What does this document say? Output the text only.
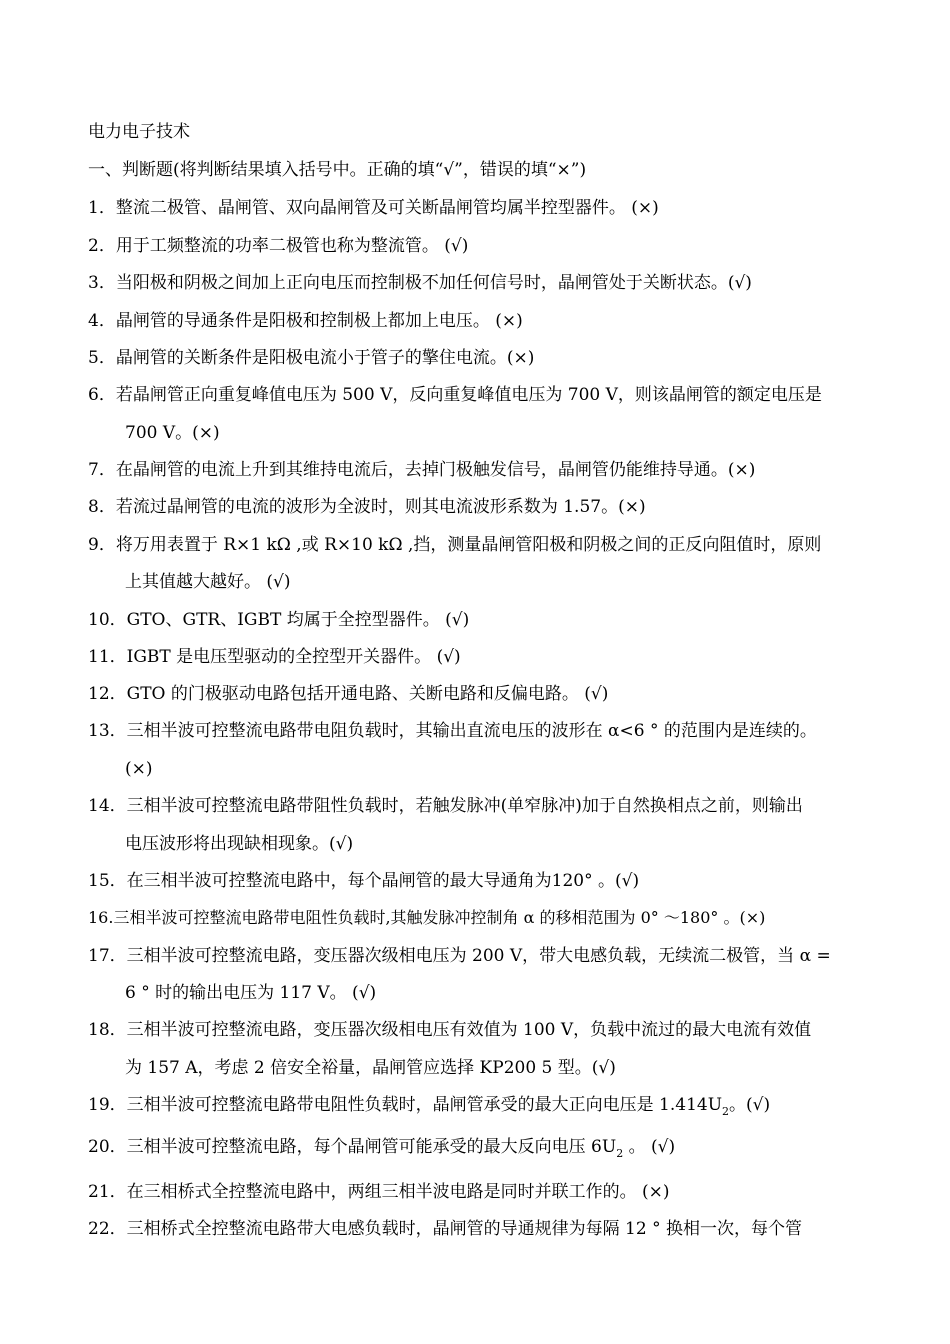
电力电子技术
一、判断题(将判断结果填入括号中。正确的填“√”，错误的填“×”)
1．整流二极管、晶闸管、双向晶闸管及可关断晶闸管均属半控型器件。 (×)
2．用于工频整流的功率二极管也称为整流管。 (√)
3．当阳极和阴极之间加上正向电压而控制极不加任何信号时，晶闸管处于关断状态。(√)
4．晶闸管的导通条件是阳极和控制极上都加上电压。 (×)
5．晶闸管的关断条件是阳极电流小于管子的擎住电流。(×)
6．若晶闸管正向重复峰值电压为 500 V，反向重复峰值电压为 700 V，则该晶闸管的额定电压是
700 V。(×)
7．在晶闸管的电流上升到其维持电流后，去掉门极触发信号，晶闸管仍能维持导通。(×)
8．若流过晶闸管的电流的波形为全波时，则其电流波形系数为 1.57。(×)
9．将万用表置于 R×1 kΩ ,或 R×10 kΩ ,挡，测量晶闸管阳极和阴极之间的正反向阻值时，原则
上其值越大越好。 (√)
10．GTO、GTR、IGBT 均属于全控型器件。 (√)
11．IGBT 是电压型驱动的全控型开关器件。 (√)
12．GTO 的门极驱动电路包括开通电路、关断电路和反偏电路。 (√)
13．三相半波可控整流电路带电阻负载时，其输出直流电压的波形在 α<6 ° 的范围内是连续的。
(×)
14．三相半波可控整流电路带阻性负载时，若触发脉冲(单窄脉冲)加于自然换相点之前，则输出
电压波形将出现缺相现象。(√)
15．在三相半波可控整流电路中，每个晶闸管的最大导通角为120° 。(√)
16.三相半波可控整流电路带电阻性负载时,其触发脉冲控制角 α 的移相范围为 0° ～180° 。(×)
17．三相半波可控整流电路，变压器次级相电压为 200 V，带大电感负载，无续流二极管，当 α =
6 ° 时的输出电压为 117 V。 (√)
18．三相半波可控整流电路，变压器次级相电压有效值为 100 V，负载中流过的最大电流有效值
为 157 A，考虑 2 倍安全裕量，晶闸管应选择 KP200 5 型。(√)
19．三相半波可控整流电路带电阻性负载时，晶闸管承受的最大正向电压是 $1.414U_2$。(√)
20．三相半波可控整流电路，每个晶闸管可能承受的最大反向电压 $6U_2$ 。 (√)
21．在三相桥式全控整流电路中，两组三相半波电路是同时并联工作的。 (×)
22．三相桥式全控整流电路带大电感负载时，晶闸管的导通规律为每隔 12 ° 换相一次，每个管
